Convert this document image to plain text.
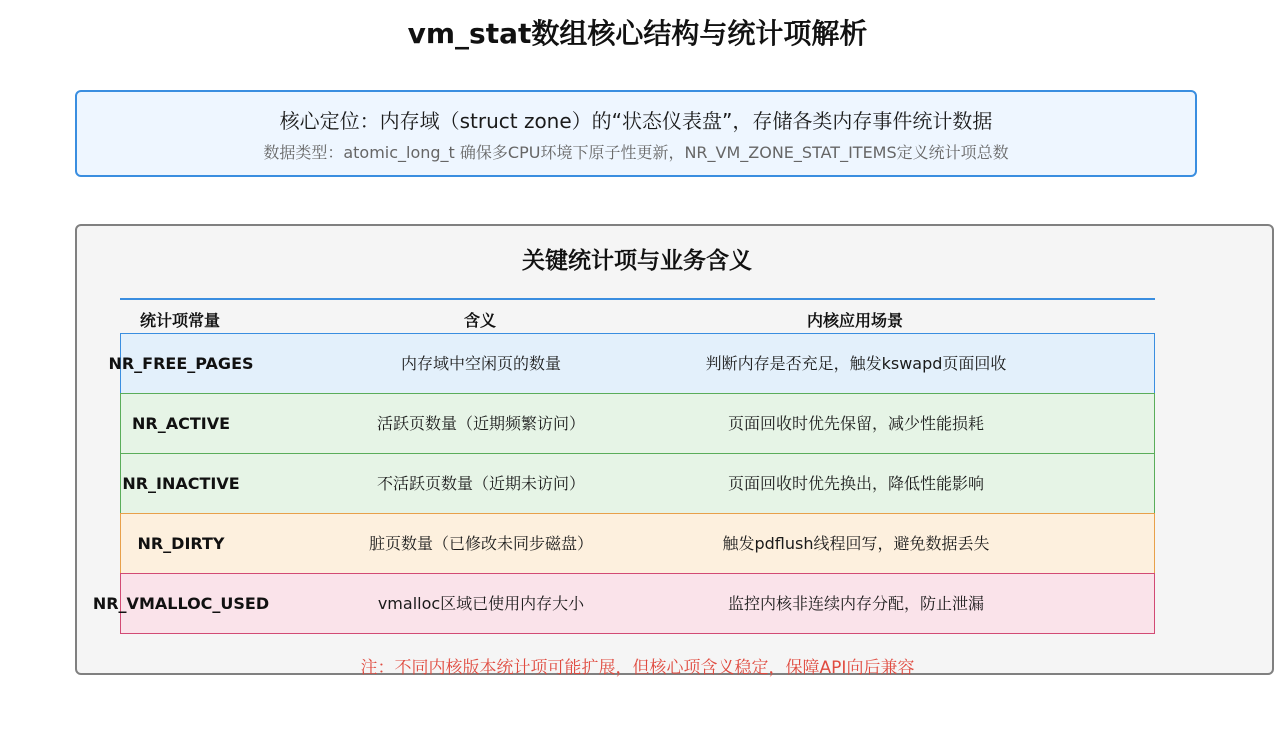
vm_stat数组核心结构与统计项解析
核心定位：内存域（struct zone）的“状态仪表盘”，存储各类内存事件统计数据
数据类型：atomic_long_t 确保多CPU环境下原子性更新，NR_VM_ZONE_STAT_ITEMS定义统计项总数
关键统计项与业务含义
统计项常量	含义	内核应用场景
NR_FREE_PAGES	内存域中空闲页的数量	判断内存是否充足，触发kswapd页面回收
NR_ACTIVE	活跃页数量（近期频繁访问）	页面回收时优先保留，减少性能损耗
NR_INACTIVE	不活跃页数量（近期未访问）	页面回收时优先换出，降低性能影响
NR_DIRTY	脏页数量（已修改未同步磁盘）	触发pdflush线程回写，避免数据丢失
NR_VMALLOC_USED	vmalloc区域已使用内存大小	监控内核非连续内存分配，防止泄漏
注：不同内核版本统计项可能扩展，但核心项含义稳定，保障API向后兼容
